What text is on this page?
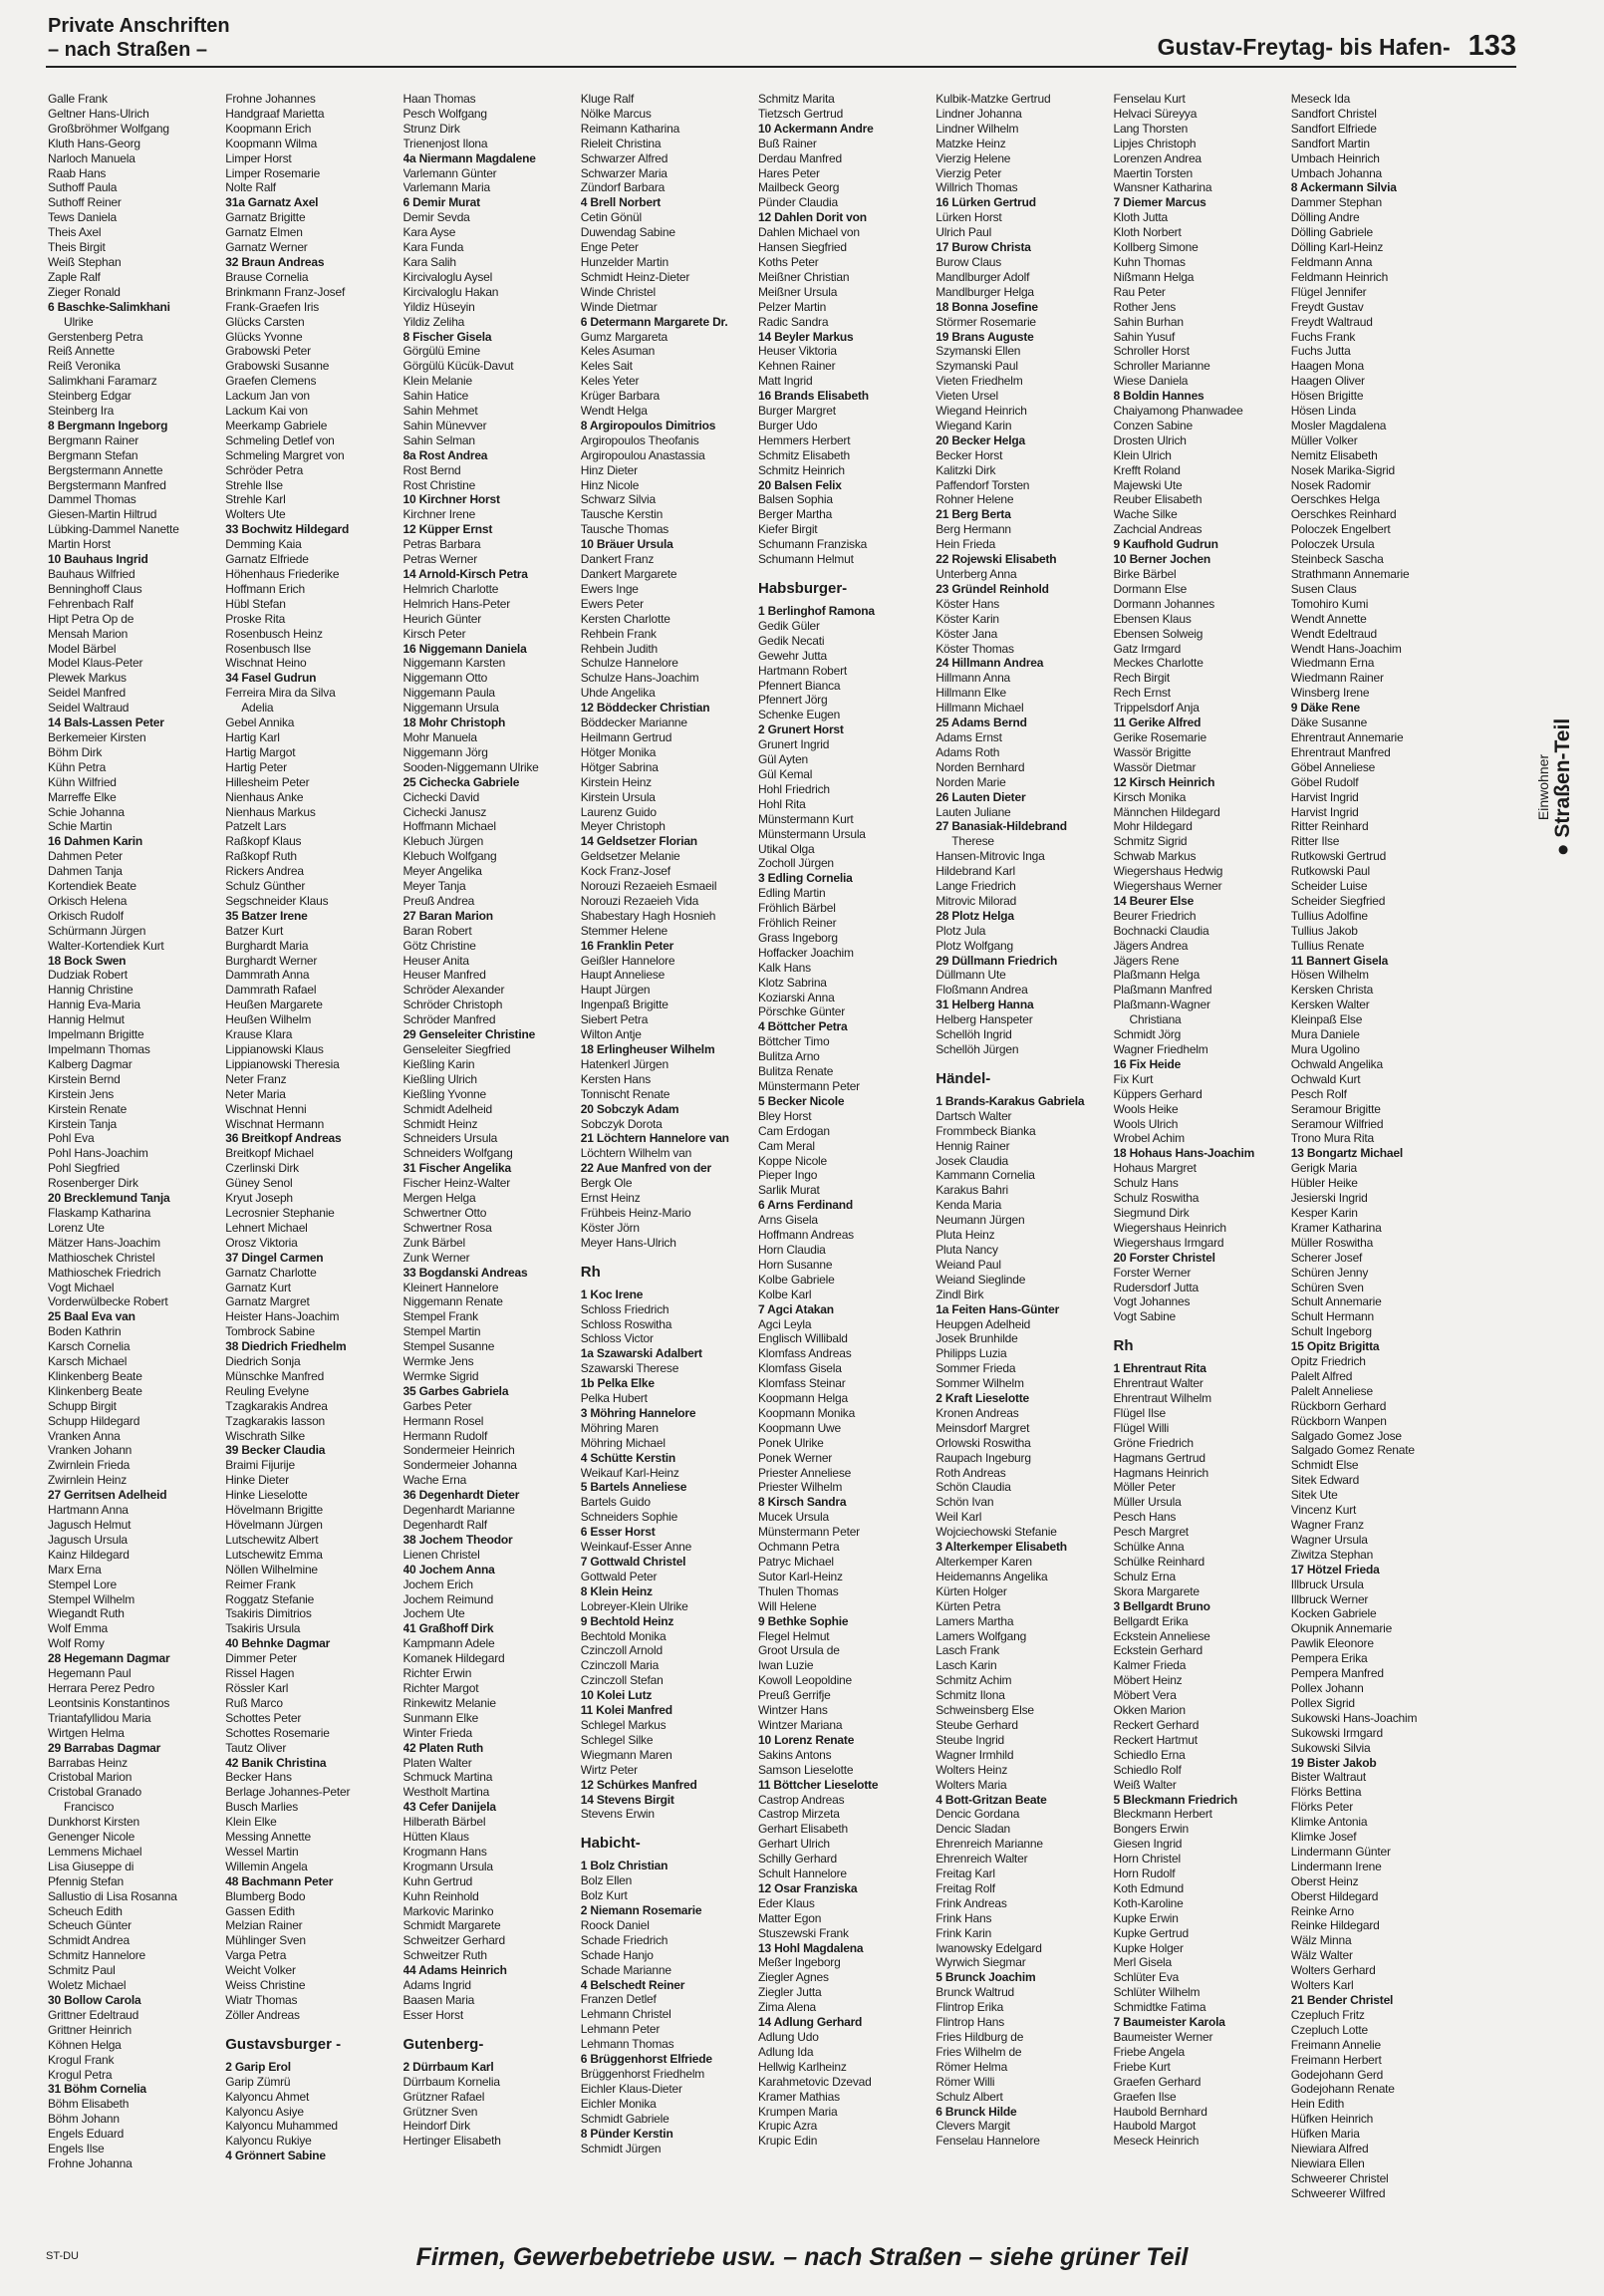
Private Anschriften
– nach Straßen –	Gustav-Freytag- bis Hafen- 133
Galle Frank
Geltner Hans-Ulrich
Großbröhmer Wolfgang
Kluth Hans-Georg
Narloch Manuela
Raab Hans
Suthoff Paula
Suthoff Reiner
Tews Daniela
Theis Axel
Theis Birgit
Weiß Stephan
Zaple Ralf
Zieger Ronald
6 Baschke-Salimkhani
Ulrike
Gerstenberg Petra
Reiß Annette
Reiß Veronika
Salimkhani Faramarz
Steinberg Edgar
Steinberg Ira
8 Bergmann Ingeborg
Bergmann Rainer
Bergmann Stefan
Bergstermann Annette
Bergstermann Manfred
Dammel Thomas
Giesen-Martin Hiltrud
Lübking-Dammel Nanette
Martin Horst
10 Bauhaus Ingrid
Bauhaus Wilfried
Benninghoff Claus
Fehrenbach Ralf
Hipt Petra Op de
Mensah Marion
Model Bärbel
Model Klaus-Peter
Plewek Markus
Seidel Manfred
Seidel Waltraud
14 Bals-Lassen Peter
Berkemeier Kirsten
Böhm Dirk
Kühn Petra
Kühn Wilfried
Marreffe Elke
Schie Johanna
Schie Martin
16 Dahmen Karin
Dahmen Peter
Dahmen Tanja
Kortendiek Beate
Orkisch Helena
Orkisch Rudolf
Schürmann Jürgen
Walter-Kortendiek Kurt
18 Bock Swen
Dudziak Robert
Hannig Christine
Hannig Eva-Maria
Hannig Helmut
Impelmann Brigitte
Impelmann Thomas
Kalberg Dagmar
Kirstein Bernd
Kirstein Jens
Kirstein Renate
Kirstein Tanja
Pohl Eva
Pohl Hans-Joachim
Pohl Siegfried
Rosenberger Dirk
20 Brecklemund Tanja
Flaskamp Katharina
Lorenz Ute
Mätzer Hans-Joachim
Mathioschek Christel
Mathioschek Friedrich
Vogt Michael
Vorderwülbecke Robert
25 Baal Eva van
Boden Kathrin
Karsch Cornelia
Karsch Michael
Klinkenberg Beate
Klinkenberg Beate
Schupp Birgit
Schupp Hildegard
Vranken Anna
Vranken Johann
Zwirnlein Frieda
Zwirnlein Heinz
27 Gerritsen Adelheid
Hartmann Anna
Jagusch Helmut
Jagusch Ursula
Kainz Hildegard
Marx Erna
Stempel Lore
Stempel Wilhelm
Wiegandt Ruth
Wolf Emma
Wolf Romy
28 Hegemann Dagmar
Hegemann Paul
Herrara Perez Pedro
Leontsinis Konstantinos
Triantafyllidou Maria
Wirtgen Helma
29 Barrabas Dagmar
Barrabas Heinz
Cristobal Marion
Cristobal Granado
Francisco
Dunkhorst Kirsten
Genenger Nicole
Lemmens Michael
Lisa Giuseppe di
Pfennig Stefan
Sallustio di Lisa Rosanna
Scheuch Edith
Scheuch Günter
Schmidt Andrea
Schmitz Hannelore
Schmitz Paul
Woletz Michael
30 Bollow Carola
Grittner Edeltraud
Grittner Heinrich
Köhnen Helga
Krogul Frank
Krogul Petra
31 Böhm Cornelia
Böhm Elisabeth
Böhm Johann
Engels Eduard
Engels Ilse
Frohne Johanna
Frohne Johannes
Handgraaf Marietta
Koopmann Erich
Koopmann Wilma
Limper Horst
Limper Rosemarie
Nolte Ralf
31a Garnatz Axel
Garnatz Brigitte
Garnatz Elmen
Garnatz Werner
32 Braun Andreas
Brause Cornelia
Brinkmann Franz-Josef
Frank-Graefen Iris
Glücks Carsten
Glücks Yvonne
Grabowski Peter
Grabowski Susanne
Graefen Clemens
Lackum Jan von
Lackum Kai von
Meerkamp Gabriele
Schmeling Detlef von
Schmeling Margret von
Schröder Petra
Strehle Ilse
Strehle Karl
Wolters Ute
33 Bochwitz Hildegard
Demming Kaia
Garnatz Elfriede
Höhenhaus Friederike
Hoffmann Erich
Hübl Stefan
Proske Rita
Rosenbusch Heinz
Rosenbusch Ilse
Wischnat Heino
34 Fasel Gudrun
Ferreira Mira da Silva
Adelia
Gebel Annika
Hartig Karl
Hartig Margot
Hartig Peter
Hillesheim Peter
Nienhaus Anke
Nienhaus Markus
Patzelt Lars
Raßkopf Klaus
Raßkopf Ruth
Rickers Andrea
Schulz Günther
Segschneider Klaus
35 Batzer Irene
Batzer Kurt
Burghardt Maria
Burghardt Werner
Dammrath Anna
Dammrath Rafael
Heußen Margarete
Heußen Wilhelm
Krause Klara
Lippianowski Klaus
Lippianowski Theresia
Neter Franz
Neter Maria
Wischnat Henni
Wischnat Hermann
36 Breitkopf Andreas
Breitkopf Michael
Czerlinski Dirk
Güney Senol
Kryut Joseph
Lecrosnier Stephanie
Lehnert Michael
Orosz Viktoria
37 Dingel Carmen
Garnatz Charlotte
Garnatz Kurt
Garnatz Margret
Heister Hans-Joachim
Tombrock Sabine
38 Diedrich Friedhelm
Diedrich Sonja
Münschke Manfred
Reuling Evelyne
Tzagkarakis Andrea
Tzagkarakis Iasson
Wischrath Silke
39 Becker Claudia
Braimi Fijurije
Hinke Dieter
Hinke Lieselotte
Hövelmann Brigitte
Hövelmann Jürgen
Lutschewitz Albert
Lutschewitz Emma
Nöllen Wilhelmine
Reimer Frank
Roggatz Stefanie
Tsakiris Dimitrios
Tsakiris Ursula
40 Behnke Dagmar
Dimmer Peter
Rissel Hagen
Rössler Karl
Ruß Marco
Schottes Peter
Schottes Rosemarie
Tautz Oliver
42 Banik Christina
Becker Hans
Berlage Johannes-Peter
Busch Marlies
Klein Elke
Messing Annette
Wessel Martin
Willemin Angela
48 Bachmann Peter
Blumberg Bodo
Gassen Edith
Melzian Rainer
Mühlinger Sven
Varga Petra
Weicht Volker
Weiss Christine
Wiatr Thomas
Zöller Andreas
Gustavsburger -
2 Garip Erol
Garip Zümrü
Kalyoncu Ahmet
Kalyoncu Asiye
Kalyoncu Muhammed
Kalyoncu Rukiye
4 Grönnert Sabine
Haan Thomas
Pesch Wolfgang
Strunz Dirk
Trienenjost Ilona
4a Niermann Magdalene
Varlemann Günter
Varlemann Maria
6 Demir Murat
Demir Sevda
Kara Ayse
Kara Funda
Kara Salih
Kircivaloglu Aysel
Kircivaloglu Hakan
Yildiz Hüseyin
Yildiz Zeliha
8 Fischer Gisela
Görgülü Emine
Görgülü Kücük-Davut
Klein Melanie
Sahin Hatice
Sahin Mehmet
Sahin Münevver
Sahin Selman
8a Rost Andrea
Rost Bernd
Rost Christine
10 Kirchner Horst
Kirchner Irene
12 Küpper Ernst
Petras Barbara
Petras Werner
14 Arnold-Kirsch Petra
Helmrich Charlotte
Helmrich Hans-Peter
Heurich Günter
Kirsch Peter
16 Niggemann Daniela
Niggemann Karsten
Niggemann Otto
Niggemann Paula
Niggemann Ursula
18 Mohr Christoph
Mohr Manuela
Niggemann Jörg
Sooden-Niggemann Ulrike
25 Cichecka Gabriele
Cichecki David
Cichecki Janusz
Hoffmann Michael
Klebuch Jürgen
Klebuch Wolfgang
Meyer Angelika
Meyer Tanja
Preuß Andrea
27 Baran Marion
Baran Robert
Götz Christine
Heuser Anita
Heuser Manfred
Schröder Alexander
Schröder Christoph
Schröder Manfred
29 Genseleiter Christine
Genseleiter Siegfried
Kießling Karin
Kießling Ulrich
Kießling Yvonne
Schmidt Adelheid
Schmidt Heinz
Schneiders Ursula
Schneiders Wolfgang
31 Fischer Angelika
Fischer Heinz-Walter
Mergen Helga
Schwertner Otto
Schwertner Rosa
Zunk Bärbel
Zunk Werner
33 Bogdanski Andreas
Kleinert Hannelore
Niggemann Renate
Stempel Frank
Stempel Martin
Stempel Susanne
Wermke Jens
Wermke Sigrid
35 Garbes Gabriela
Garbes Peter
Hermann Rosel
Hermann Rudolf
Sondermeier Heinrich
Sondermeier Johanna
Wache Erna
36 Degenhardt Dieter
Degenhardt Marianne
Degenhardt Ralf
38 Jochem Theodor
Lienen Christel
40 Jochem Anna
Jochem Erich
Jochem Reimund
Jochem Ute
41 Graßhoff Dirk
Kampmann Adele
Komanek Hildegard
Richter Erwin
Richter Margot
Rinkewitz Melanie
Sunmann Elke
Winter Frieda
42 Platen Ruth
Platen Walter
Schmuck Martina
Westholt Martina
43 Cefer Danijela
Hilberath Bärbel
Hütten Klaus
Krogmann Hans
Krogmann Ursula
Kuhn Gertrud
Kuhn Reinhold
Markovic Marinko
Schmidt Margarete
Schweitzer Gerhard
Schweitzer Ruth
44 Adams Heinrich
Adams Ingrid
Baasen Maria
Esser Horst
Gutenberg-
2 Dürrbaum Karl
Dürrbaum Kornelia
Grützner Rafael
Grützner Sven
Heindorf Dirk
Hertinger Elisabeth
Kluge Ralf
Nölke Marcus
Reimann Katharina
Rieleit Christina
Schwarzer Alfred
Schwarzer Maria
Zündorf Barbara
4 Brell Norbert
Cetin Gönül
Duwendag Sabine
Enge Peter
Hunzelder Martin
Schmidt Heinz-Dieter
Winde Christel
Winde Dietmar
6 Determann Margarete Dr.
Gumz Margareta
Keles Asuman
Keles Sait
Keles Yeter
Krüger Barbara
Wendt Helga
8 Argiropoulos Dimitrios
Argiropoulos Theofanis
Argiropoulou Anastassia
Hinz Dieter
Hinz Nicole
Schwarz Silvia
Tausche Kerstin
Tausche Thomas
10 Bräuer Ursula
Dankert Franz
Dankert Margarete
Ewers Inge
Ewers Peter
Kersten Charlotte
Rehbein Frank
Rehbein Judith
Schulze Hannelore
Schulze Hans-Joachim
Uhde Angelika
12 Böddecker Christian
Böddecker Marianne
Heilmann Gertrud
Hötger Monika
Hötger Sabrina
Kirstein Heinz
Kirstein Ursula
Laurenz Guido
Meyer Christoph
14 Geldsetzer Florian
Geldsetzer Melanie
Kock Franz-Josef
Norouzi Rezaeieh Esmaeil
Norouzi Rezaeieh Vida
Shabestary Hagh Hosnieh
Stemmer Helene
16 Franklin Peter
Geißler Hannelore
Haupt Anneliese
Haupt Jürgen
Ingenpaß Brigitte
Siebert Petra
Wilton Antje
18 Erlingheuser Wilhelm
Hatenkerl Jürgen
Kersten Hans
Tonnischt Renate
20 Sobczyk Adam
Sobczyk Dorota
21 Löchtern Hannelore van
Löchtern Wilhelm van
22 Aue Manfred von der
Bergk Ole
Ernst Heinz
Frühbeis Heinz-Mario
Köster Jörn
Meyer Hans-Ulrich
Rh
1 Koc Irene
Schloss Friedrich
Schloss Roswitha
Schloss Victor
1a Szawarski Adalbert
Szawarski Therese
1b Pelka Elke
Pelka Hubert
3 Möhring Hannelore
Möhring Maren
Möhring Michael
4 Schütte Kerstin
Weikauf Karl-Heinz
5 Bartels Anneliese
Bartels Guido
Schneiders Sophie
6 Esser Horst
Weinkauf-Esser Anne
7 Gottwald Christel
Gottwald Peter
8 Klein Heinz
Lobreyer-Klein Ulrike
9 Bechtold Heinz
Bechtold Monika
Czinczoll Arnold
Czinczoll Maria
Czinczoll Stefan
10 Kolei Lutz
11 Kolei Manfred
Schlegel Markus
Schlegel Silke
Wiegmann Maren
Wirtz Peter
12 Schürkes Manfred
14 Stevens Birgit
Stevens Erwin
Habicht-
1 Bolz Christian
Bolz Ellen
Bolz Kurt
2 Niemann Rosemarie
Roock Daniel
Schade Friedrich
Schade Hanjo
Schade Marianne
4 Belschedt Reiner
Franzen Detlef
Lehmann Christel
Lehmann Peter
Lehmann Thomas
6 Brüggenhorst Elfriede
Brüggenhorst Friedhelm
Eichler Klaus-Dieter
Eichler Monika
Schmidt Gabriele
8 Pünder Kerstin
Schmidt Jürgen
Schmitz Marita
Tietzsch Gertrud
10 Ackermann Andre
Buß Rainer
Derdau Manfred
Hares Peter
Mailbeck Georg
Pünder Claudia
12 Dahlen Dorit von
Dahlen Michael von
Hansen Siegfried
Koths Peter
Meißner Christian
Meißner Ursula
Pelzer Martin
Radic Sandra
14 Beyler Markus
Heuser Viktoria
Kehnen Rainer
Matt Ingrid
16 Brands Elisabeth
Burger Margret
Burger Udo
Hemmers Herbert
Schmitz Elisabeth
Schmitz Heinrich
20 Balsen Felix
Balsen Sophia
Berger Martha
Kiefer Birgit
Schumann Franziska
Schumann Helmut
Habsburger-
1 Berlinghof Ramona
Gedik Güler
Gedik Necati
Gewehr Jutta
Hartmann Robert
Pfennert Bianca
Pfennert Jörg
Schenke Eugen
2 Grunert Horst
Grunert Ingrid
Gül Ayten
Gül Kemal
Hohl Friedrich
Hohl Rita
Münstermann Kurt
Münstermann Ursula
Utikal Olga
Zocholl Jürgen
3 Edling Cornelia
Edling Martin
Fröhlich Bärbel
Fröhlich Reiner
Grass Ingeborg
Hoffacker Joachim
Kalk Hans
Klotz Sabrina
Koziarski Anna
Pörschke Günter
4 Böttcher Petra
Böttcher Timo
Bulitza Arno
Bulitza Renate
Münstermann Peter
5 Becker Nicole
Bley Horst
Cam Erdogan
Cam Meral
Koppe Nicole
Pieper Ingo
Sarlik Murat
6 Arns Ferdinand
Arns Gisela
Hoffmann Andreas
Horn Claudia
Horn Susanne
Kolbe Gabriele
Kolbe Karl
7 Agci Atakan
Agci Leyla
Englisch Willibald
Klomfass Andreas
Klomfass Gisela
Klomfass Steinar
Koopmann Helga
Koopmann Monika
Koopmann Uwe
Ponek Ulrike
Ponek Werner
Priester Anneliese
Priester Wilhelm
8 Kirsch Sandra
Mucek Ursula
Münstermann Peter
Ochmann Petra
Patryc Michael
Sutor Karl-Heinz
Thulen Thomas
Will Helene
9 Bethke Sophie
Flegel Helmut
Groot Ursula de
Iwan Luzie
Kowoll Leopoldine
Preuß Gerrifje
Wintzer Hans
Wintzer Mariana
10 Lorenz Renate
Sakins Antons
Samson Lieselotte
11 Böttcher Lieselotte
Castrop Andreas
Castrop Mirzeta
Gerhart Elisabeth
Gerhart Ulrich
Schilly Gerhard
Schult Hannelore
12 Osar Franziska
Eder Klaus
Matter Egon
Stuszewski Frank
13 Hohl Magdalena
Meßer Ingeborg
Ziegler Agnes
Ziegler Jutta
Zima Alena
14 Adlung Gerhard
Adlung Udo
Adlung Ida
Hellwig Karlheinz
Karahmetovic Dzevad
Kramer Mathias
Krumpen Maria
Krupic Azra
Krupic Edin
Kulbik-Matzke Gertrud
Lindner Johanna
Lindner Wilhelm
Matzke Heinz
Vierzig Helene
Vierzig Peter
Willrich Thomas
16 Lürken Gertrud
Lürken Horst
Ulrich Paul
17 Burow Christa
Burow Claus
Mandlburger Adolf
Mandlburger Helga
18 Bonna Josefine
Störmer Rosemarie
19 Brans Auguste
Szymanski Ellen
Szymanski Paul
Vieten Friedhelm
Vieten Ursel
Wiegand Heinrich
Wiegand Karin
20 Becker Helga
Becker Horst
Kalitzki Dirk
Paffendorf Torsten
Rohner Helene
21 Berg Berta
Berg Hermann
Hein Frieda
22 Rojewski Elisabeth
Unterberg Anna
23 Gründel Reinhold
Köster Hans
Köster Karin
Köster Jana
Köster Thomas
24 Hillmann Andrea
Hillmann Anna
Hillmann Elke
Hillmann Michael
25 Adams Bernd
Adams Ernst
Adams Roth
Norden Bernhard
Norden Marie
26 Lauten Dieter
Lauten Juliane
27 Banasiak-Hildebrand
Therese
Hansen-Mitrovic Inga
Hildebrand Karl
Lange Friedrich
Mitrovic Milorad
28 Plotz Helga
Plotz Jula
Plotz Wolfgang
29 Düllmann Friedrich
Düllmann Ute
Floßmann Andrea
31 Helberg Hanna
Helberg Hanspeter
Schellöh Ingrid
Schellöh Jürgen
Händel-
1 Brands-Karakus Gabriela
Dartsch Walter
Frommbeck Bianka
Hennig Rainer
Josek Claudia
Kammann Cornelia
Karakus Bahri
Kenda Maria
Neumann Jürgen
Pluta Heinz
Pluta Nancy
Weiand Paul
Weiand Sieglinde
Zindl Birk
1a Feiten Hans-Günter
Heupgen Adelheid
Josek Brunhilde
Philipps Luzia
Sommer Frieda
Sommer Wilhelm
2 Kraft Lieselotte
Kronen Andreas
Meinsdorf Margret
Orlowski Roswitha
Raupach Ingeburg
Roth Andreas
Schön Claudia
Schön Ivan
Weil Karl
Wojciechowski Stefanie
3 Alterkemper Elisabeth
Alterkemper Karen
Heidemanns Angelika
Kürten Holger
Kürten Petra
Lamers Martha
Lamers Wolfgang
Lasch Frank
Lasch Karin
Schmitz Achim
Schmitz Ilona
Schweinsberg Else
Steube Gerhard
Steube Ingrid
Wagner Irmhild
Wolters Heinz
Wolters Maria
4 Bott-Gritzan Beate
Dencic Gordana
Dencic Sladan
Ehrenreich Marianne
Ehrenreich Walter
Freitag Karl
Freitag Rolf
Frink Andreas
Frink Hans
Frink Karin
Iwanowsky Edelgard
Wyrwich Siegmar
5 Brunck Joachim
Brunck Waltrud
Flintrop Erika
Flintrop Hans
Fries Hildburg de
Fries Wilhelm de
Römer Helma
Römer Willi
Schulz Albert
6 Brunck Hilde
Clevers Margit
Fenselau Hannelore
Fenselau Kurt
Helvaci Süreyya
Lang Thorsten
Lipjes Christoph
Lorenzen Andrea
Maertin Torsten
Wansner Katharina
7 Diemer Marcus
Kloth Jutta
Kloth Norbert
Kollberg Simone
Kuhn Thomas
Nißmann Helga
Rau Peter
Rother Jens
Sahin Burhan
Sahin Yusuf
Schroller Horst
Schroller Marianne
Wiese Daniela
8 Boldin Hannes
Chaiyamong Phanwadee
Conzen Sabine
Drosten Ulrich
Klein Ulrich
Krefft Roland
Majewski Ute
Reuber Elisabeth
Wache Silke
Zachcial Andreas
9 Kaufhold Gudrun
10 Berner Jochen
Birke Bärbel
Dormann Else
Dormann Johannes
Ebensen Klaus
Ebensen Solweig
Gatz Irmgard
Meckes Charlotte
Rech Birgit
Rech Ernst
Trippelsdorf Anja
11 Gerike Alfred
Gerike Rosemarie
Wassör Brigitte
Wassör Dietmar
12 Kirsch Heinrich
Kirsch Monika
Männchen Hildegard
Mohr Hildegard
Schmitz Sigrid
Schwab Markus
Wiegershaus Hedwig
Wiegershaus Werner
14 Beurer Else
Beurer Friedrich
Bochnacki Claudia
Jägers Andrea
Jägers Rene
Plaßmann Helga
Plaßmann Manfred
Plaßmann-Wagner
Christiana
Schmidt Jörg
Wagner Friedhelm
16 Fix Heide
Fix Kurt
Küppers Gerhard
Wools Heike
Wools Ulrich
Wrobel Achim
18 Hohaus Hans-Joachim
Hohaus Margret
Schulz Hans
Schulz Roswitha
Siegmund Dirk
Wiegershaus Heinrich
Wiegershaus Irmgard
20 Forster Christel
Forster Werner
Rudersdorf Jutta
Vogt Johannes
Vogt Sabine
Rh
1 Ehrentraut Rita
Ehrentraut Walter
Ehrentraut Wilhelm
Flügel Ilse
Flügel Willi
Gröne Friedrich
Hagmans Gertrud
Hagmans Heinrich
Möller Peter
Müller Ursula
Pesch Hans
Pesch Margret
Schülke Anna
Schülke Reinhard
Schulz Erna
Skora Margarete
3 Bellgardt Bruno
Bellgardt Erika
Eckstein Anneliese
Eckstein Gerhard
Kalmer Frieda
Möbert Heinz
Möbert Vera
Okken Marion
Reckert Gerhard
Reckert Hartmut
Schiedlo Erna
Schiedlo Rolf
Weiß Walter
5 Bleckmann Friedrich
Bleckmann Herbert
Bongers Erwin
Giesen Ingrid
Horn Christel
Horn Rudolf
Koth Edmund
Koth-Karoline
Kupke Erwin
Kupke Gertrud
Kupke Holger
Merl Gisela
Schlüter Eva
Schlüter Wilhelm
Schmidtke Fatima
7 Baumeister Karola
Baumeister Werner
Friebe Angela
Friebe Kurt
Graefen Gerhard
Graefen Ilse
Haubold Bernhard
Haubold Margot
Meseck Heinrich
Meseck Ida
Sandfort Christel
Sandfort Elfriede
Sandfort Martin
Umbach Heinrich
Umbach Johanna
8 Ackermann Silvia
Dammer Stephan
Dölling Andre
Dölling Gabriele
Dölling Karl-Heinz
Feldmann Anna
Feldmann Heinrich
Flügel Jennifer
Freydt Gustav
Freydt Waltraud
Fuchs Frank
Fuchs Jutta
Haagen Mona
Haagen Oliver
Hösen Brigitte
Hösen Linda
Mosler Magdalena
Müller Volker
Nemitz Elisabeth
Nosek Marika-Sigrid
Nosek Radomir
Oerschkes Helga
Oerschkes Reinhard
Poloczek Engelbert
Poloczek Ursula
Steinbeck Sascha
Strathmann Annemarie
Susen Claus
Tomohiro Kumi
Wendt Annette
Wendt Edeltraud
Wendt Hans-Joachim
Wiedmann Erna
Wiedmann Rainer
Winsberg Irene
9 Däke Rene
Däke Susanne
Ehrentraut Annemarie
Ehrentraut Manfred
Göbel Anneliese
Göbel Rudolf
Harvist Ingrid
Harvist Ingrid
Ritter Reinhard
Ritter Ilse
Rutkowski Gertrud
Rutkowski Paul
Scheider Luise
Scheider Siegfried
Tullius Adolfine
Tullius Jakob
Tullius Renate
11 Bannert Gisela
Hösen Wilhelm
Kersken Christa
Kersken Walter
Kleinpaß Else
Mura Daniele
Mura Ugolino
Ochwald Angelika
Ochwald Kurt
Pesch Rolf
Seramour Brigitte
Seramour Wilfried
Trono Mura Rita
13 Bongartz Michael
Gerigk Maria
Hübler Heike
Jesierski Ingrid
Kesper Karin
Kramer Katharina
Müller Roswitha
Scherer Josef
Schüren Jenny
Schüren Sven
Schult Annemarie
Schult Hermann
Schult Ingeborg
15 Opitz Brigitta
Opitz Friedrich
Palelt Alfred
Palelt Anneliese
Rückborn Gerhard
Rückborn Wanpen
Salgado Gomez Jose
Salgado Gomez Renate
Schmidt Else
Sitek Edward
Sitek Ute
Vincenz Kurt
Wagner Franz
Wagner Ursula
Ziwitza Stephan
17 Hötzel Frieda
Illbruck Ursula
Illbruck Werner
Kocken Gabriele
Okupnik Annemarie
Pawlik Eleonore
Pempera Erika
Pempera Manfred
Pollex Johann
Pollex Sigrid
Sukowski Hans-Joachim
Sukowski Irmgard
Sukowski Silvia
19 Bister Jakob
Bister Waltraut
Flörks Bettina
Flörks Peter
Klimke Antonia
Klimke Josef
Lindermann Günter
Lindermann Irene
Oberst Heinz
Oberst Hildegard
Reinke Arno
Reinke Hildegard
Wälz Minna
Wälz Walter
Wolters Gerhard
Wolters Karl
21 Bender Christel
Czepluch Fritz
Czepluch Lotte
Freimann Annelie
Freimann Herbert
Godejohann Gerd
Godejohann Renate
Hein Edith
Hüfken Heinrich
Hüfken Maria
Niewiara Alfred
Niewiara Ellen
Schweerer Christel
Schweerer Wilfred
Einwohner ● Straßen-Teil
ST-DU	Firmen, Gewerbebetriebe usw. – nach Straßen – siehe grüner Teil
